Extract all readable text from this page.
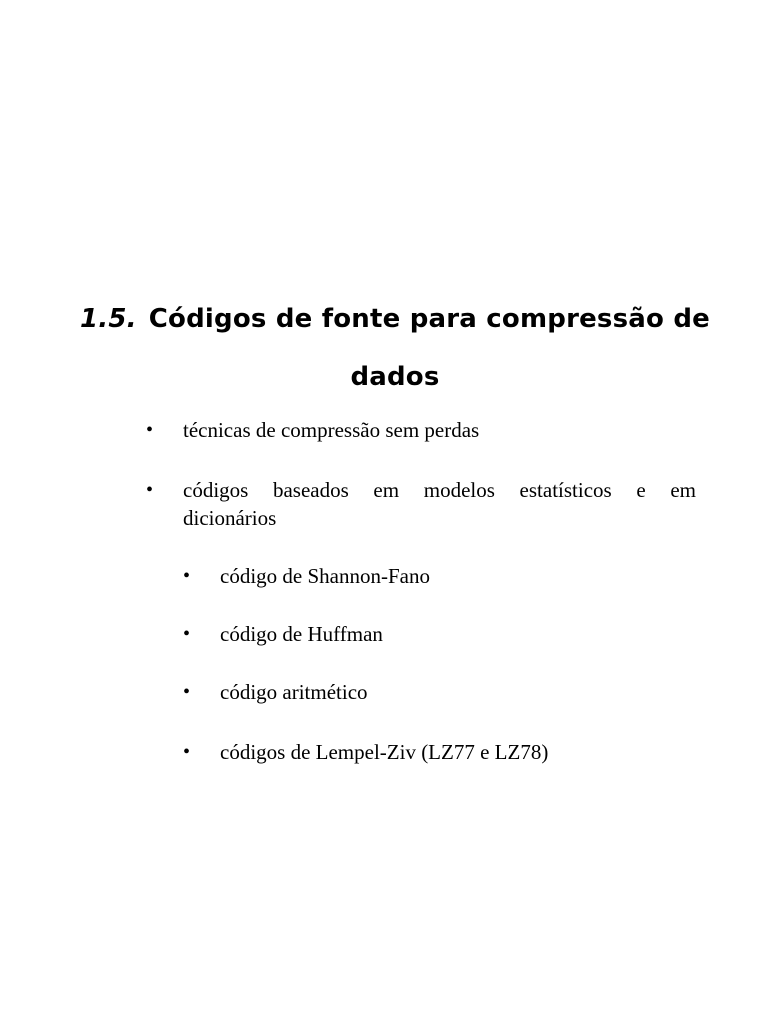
1.5. Códigos de fonte para compressão de
dados
• técnicas de compressão sem perdas
• códigos baseados em modelos estatísticos e em
dicionários
• código de Shannon-Fano
• código de Huffman
• código aritmético
• códigos de Lempel-Ziv (LZ77 e LZ78)
